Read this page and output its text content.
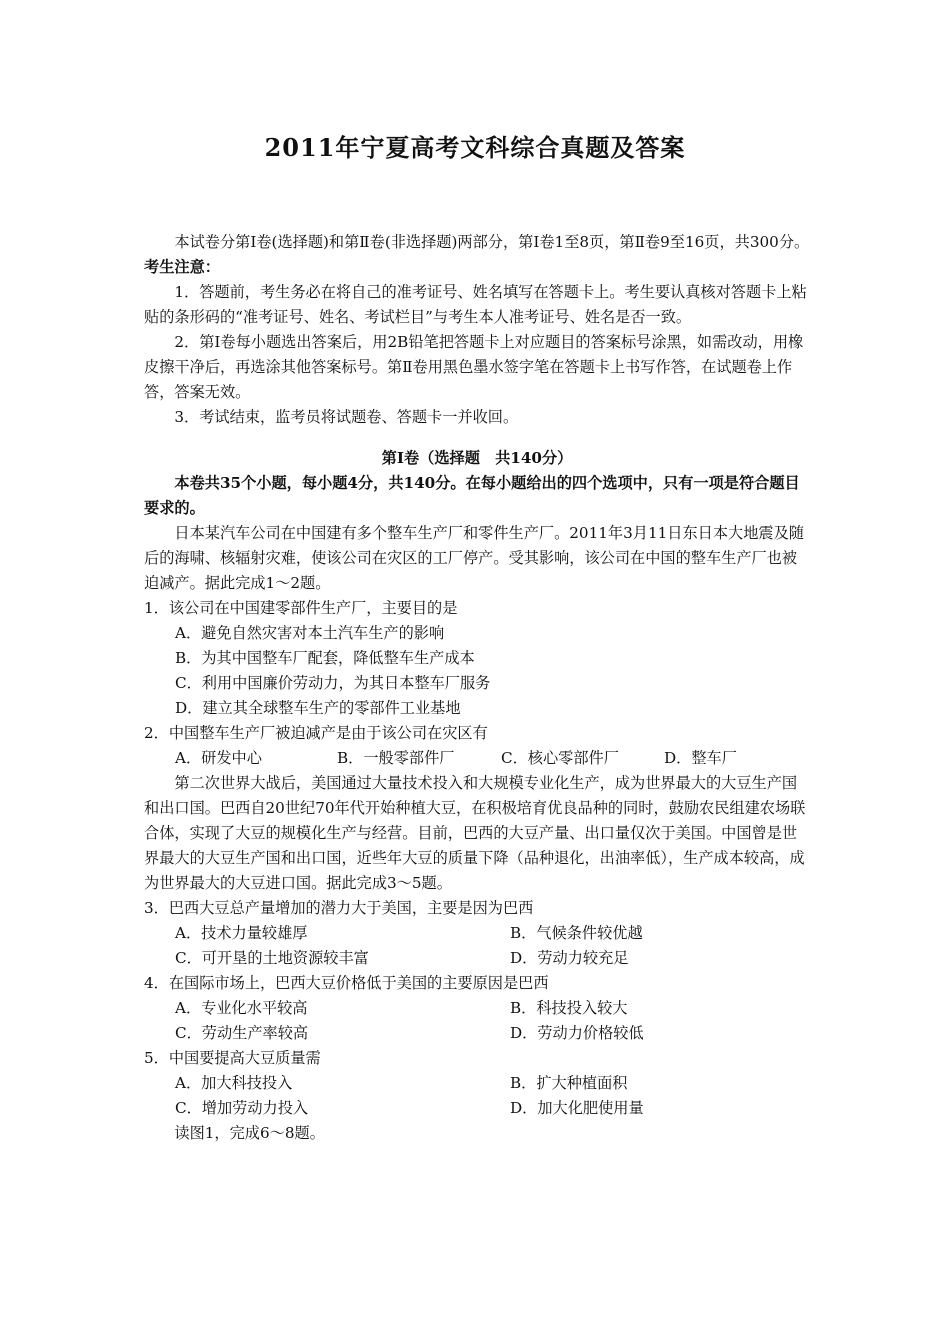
2011年宁夏高考文科综合真题及答案

本试卷分第Ⅰ卷(选择题)和第Ⅱ卷(非选择题)两部分，第Ⅰ卷1至8页，第Ⅱ卷9至16页，共300分。

考生注意：

1．答题前，考生务必在将自己的准考证号、姓名填写在答题卡上。考生要认真核对答题卡上粘贴的条形码的“准考证号、姓名、考试栏目”与考生本人准考证号、姓名是否一致。

2．第Ⅰ卷每小题选出答案后，用2B铅笔把答题卡上对应题目的答案标号涂黑，如需改动，用橡皮擦干净后，再选涂其他答案标号。第Ⅱ卷用黑色墨水签字笔在答题卡上书写作答，在试题卷上作答，答案无效。

3．考试结束，监考员将试题卷、答题卡一并收回。

第Ⅰ卷（选择题　共140分）

本卷共35个小题，每小题4分，共140分。在每小题给出的四个选项中，只有一项是符合题目要求的。

日本某汽车公司在中国建有多个整车生产厂和零件生产厂。2011年3月11日东日本大地震及随后的海啸、核辐射灾难，使该公司在灾区的工厂停产。受其影响，该公司在中国的整车生产厂也被迫减产。据此完成1～2题。

1．该公司在中国建零部件生产厂，主要目的是

A．避免自然灾害对本土汽车生产的影响

B．为其中国整车厂配套，降低整车生产成本

C．利用中国廉价劳动力，为其日本整车厂服务

D．建立其全球整车生产的零部件工业基地

2．中国整车生产厂被迫减产是由于该公司在灾区有

A．研发中心	B．一般零部件厂	C．核心零部件厂	D．整车厂

第二次世界大战后，美国通过大量技术投入和大规模专业化生产，成为世界最大的大豆生产国和出口国。巴西自20世纪70年代开始种植大豆，在积极培育优良品种的同时，鼓励农民组建农场联合体，实现了大豆的规模化生产与经营。目前，巴西的大豆产量、出口量仅次于美国。中国曾是世界最大的大豆生产国和出口国，近些年大豆的质量下降（品种退化，出油率低），生产成本较高，成为世界最大的大豆进口国。据此完成3～5题。

3．巴西大豆总产量增加的潜力大于美国，主要是因为巴西

A．技术力量较雄厚	B．气候条件较优越
C．可开垦的土地资源较丰富	D．劳动力较充足

4．在国际市场上，巴西大豆价格低于美国的主要原因是巴西

A．专业化水平较高	B．科技投入较大
C．劳动生产率较高	D．劳动力价格较低

5．中国要提高大豆质量需

A．加大科技投入	B．扩大种植面积
C．增加劳动力投入	D．加大化肥使用量

读图1，完成6～8题。
